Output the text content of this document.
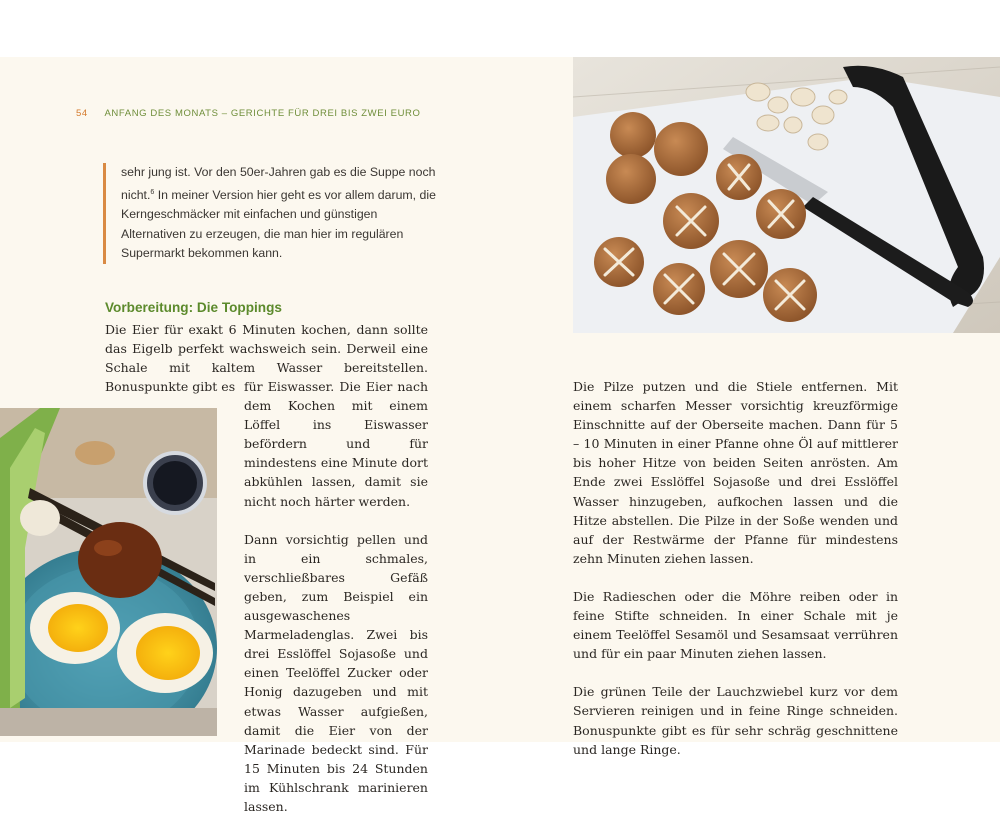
54 ANFANG DES MONATS – GERICHTE FÜR DREI BIS ZWEI EURO

sehr jung ist. Vor den 50er-Jahren gab es die Suppe noch nicht.$^6$ In meiner Version hier geht es vor allem darum, die Kerngeschmäcker mit einfachen und günstigen Alternativen zu erzeugen, die man hier im regulären Supermarkt bekommen kann.

Vorbereitung: Die Toppings

Die Eier für exakt 6 Minuten kochen, dann sollte das Eigelb perfekt wachsweich sein. Derweil eine Schale mit kaltem Wasser bereitstellen. Bonuspunkte gibt es für Eiswasser. Die Eier nach dem Kochen mit einem Löffel ins Eiswasser befördern und für mindestens eine Minute dort abkühlen lassen, damit sie nicht noch härter werden.

Dann vorsichtig pellen und in ein schmales, verschließbares Gefäß geben, zum Beispiel ein ausgewaschenes Marmeladenglas. Zwei bis drei Esslöffel Sojasoße und einen Teelöffel Zucker oder Honig dazugeben und mit etwas Wasser aufgießen, damit die Eier von der Marinade bedeckt sind. Für 15 Minuten bis 24 Stunden im Kühlschrank marinieren lassen.

Die Pilze putzen und die Stiele entfernen. Mit einem scharfen Messer vorsichtig kreuzförmige Einschnitte auf der Oberseite machen. Dann für 5 – 10 Minuten in einer Pfanne ohne Öl auf mittlerer bis hoher Hitze von beiden Seiten anrösten. Am Ende zwei Esslöffel Sojasoße und drei Esslöffel Wasser hinzugeben, aufkochen lassen und die Hitze abstellen. Die Pilze in der Soße wenden und auf der Restwärme der Pfanne für mindestens zehn Minuten ziehen lassen.

Die Radieschen oder die Möhre reiben oder in feine Stifte schneiden. In einer Schale mit je einem Teelöffel Sesamöl und Sesamsaat verrühren und für ein paar Minuten ziehen lassen.

Die grünen Teile der Lauchzwiebel kurz vor dem Servieren reinigen und in feine Ringe schneiden. Bonuspunkte gibt es für sehr schräg geschnittene und lange Ringe.
